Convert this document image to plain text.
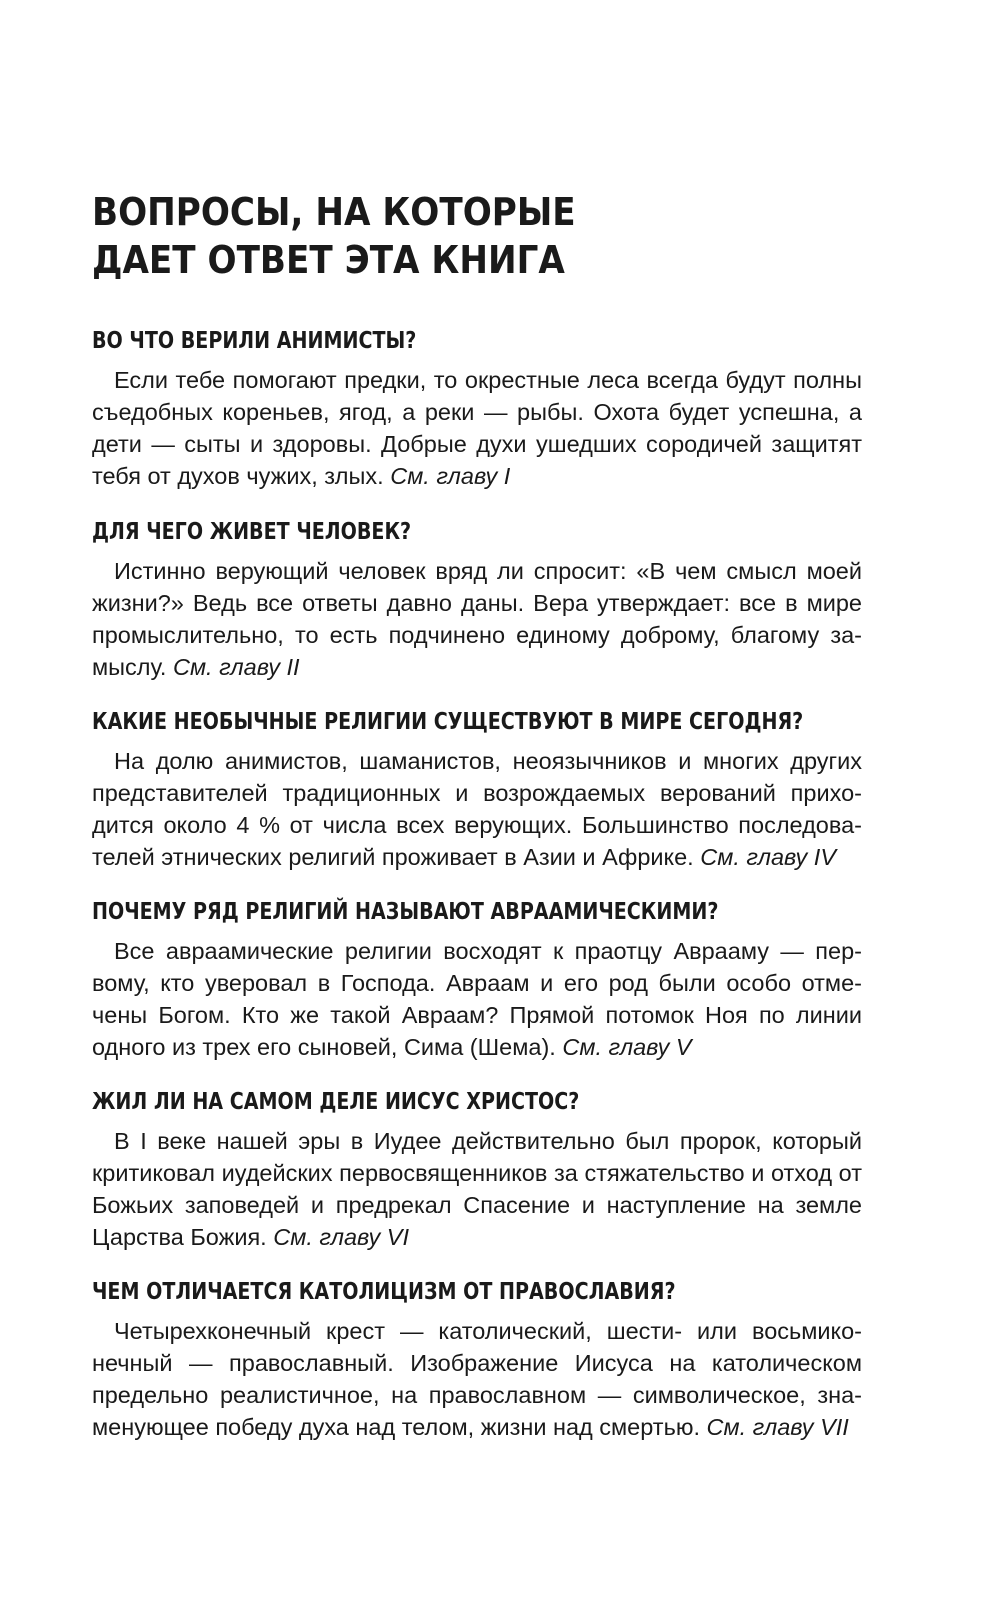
ВОПРОСЫ, НА КОТОРЫЕ
ДАЕТ ОТВЕТ ЭТА КНИГА
ВО ЧТО ВЕРИЛИ АНИМИСТЫ?

Если тебе помогают предки, то окрестные леса всегда будут полны съедобных кореньев, ягод, а реки — рыбы. Охота будет успешна, а дети — сыты и здоровы. Добрые духи ушедших сородичей защитят тебя от духов чужих, злых. См. главу I

ДЛЯ ЧЕГО ЖИВЕТ ЧЕЛОВЕК?

Истинно верующий человек вряд ли спросит: «В чем смысл моей жизни?» Ведь все ответы давно даны. Вера утверждает: все в мире промыслительно, то есть подчинено единому доброму, благому замыслу. См. главу II

КАКИЕ НЕОБЫЧНЫЕ РЕЛИГИИ СУЩЕСТВУЮТ В МИРЕ СЕГОДНЯ?

На долю анимистов, шаманистов, неоязычников и многих других представителей традиционных и возрождаемых верований приходится около 4 % от числа всех верующих. Большинство последователей этнических религий проживает в Азии и Африке. См. главу IV

ПОЧЕМУ РЯД РЕЛИГИЙ НАЗЫВАЮТ АВРААМИЧЕСКИМИ?

Все авраамические религии восходят к праотцу Аврааму — первому, кто уверовал в Господа. Авраам и его род были особо отмечены Богом. Кто же такой Авраам? Прямой потомок Ноя по линии одного из трех его сыновей, Сима (Шема). См. главу V

ЖИЛ ЛИ НА САМОМ ДЕЛЕ ИИСУС ХРИСТОС?

В I веке нашей эры в Иудее действительно был пророк, который критиковал иудейских первосвященников за стяжательство и отход от Божьих заповедей и предрекал Спасение и наступление на земле Царства Божия. См. главу VI

ЧЕМ ОТЛИЧАЕТСЯ КАТОЛИЦИЗМ ОТ ПРАВОСЛАВИЯ?

Четырехконечный крест — католический, шести- или восьмиконечный — православный. Изображение Иисуса на католическом предельно реалистичное, на православном — символическое, знаменующее победу духа над телом, жизни над смертью. См. главу VII
